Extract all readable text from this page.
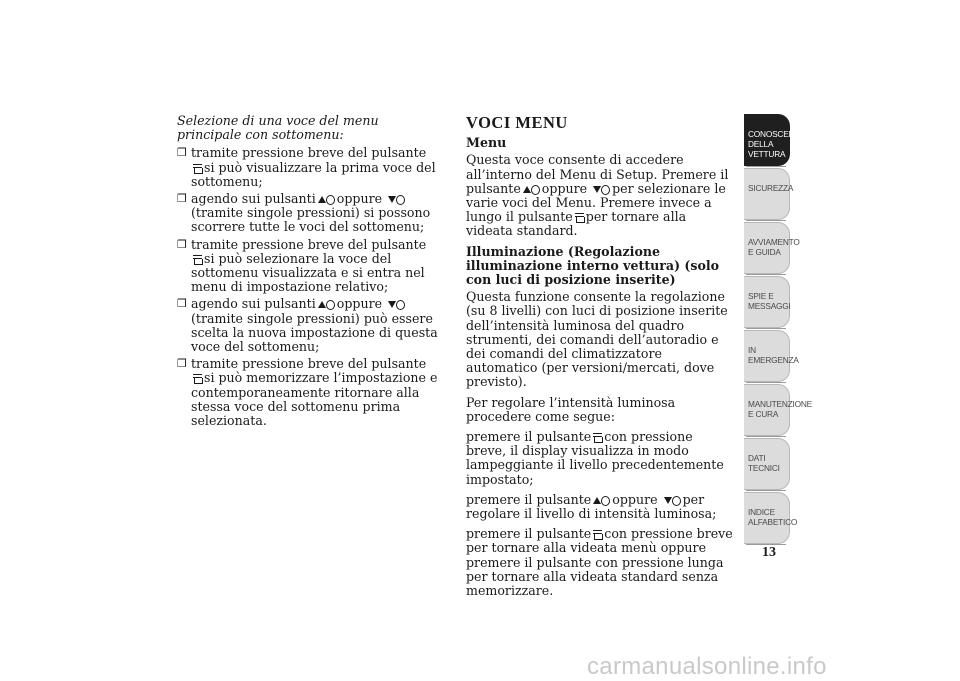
Selezione di una voce del menu principale con sottomenu:
❒ tramite pressione breve del pulsantesi può visualizzare la prima voce del sottomenu;
❒ agendo sui pulsanti oppure (tramite singole pressioni) si possono scorrere tutte le voci del sottomenu;
❒ tramite pressione breve del pulsantesi può selezionare la voce del sottomenu visualizzata e si entra nel menu di impostazione relativo;
❒ agendo sui pulsanti oppure (tramite singole pressioni) può essere scelta la nuova impostazione di questa voce del sottomenu;
❒ tramite pressione breve del pulsantesi può memorizzare l’impostazione e contemporaneamente ritornare alla stessa voce del sottomenu prima selezionata.
VOCI MENU
Menu
Questa voce consente di accedere all’interno del Menu di Setup. Premere il pulsante oppure per selezionare le varie voci del Menu. Premere invece a lungo il pulsante per tornare alla videata standard.
Illuminazione (Regolazione illuminazione interno vettura) (solo con luci di posizione inserite)
Questa funzione consente la regolazione (su 8 livelli) con luci di posizione inserite dell’intensità luminosa del quadro strumenti, dei comandi dell’autoradio e dei comandi del climatizzatore automatico (per versioni/mercati, dove previsto).
Per regolare l’intensità luminosa procedere come segue:
premere il pulsante con pressione breve, il display visualizza in modo lampeggiante il livello precedentemente impostato;
premere il pulsante oppure per regolare il livello di intensità luminosa;
premere il pulsante con pressione breve per tornare alla videata menù oppure premere il pulsante con pressione lunga per tornare alla videata standard senza memorizzare.
CONOSCENZA DELLA VETTURA
SICUREZZA
AVVIAMENTO E GUIDA
SPIE E MESSAGGI
IN EMERGENZA
MANUTENZIONE E CURA
DATI TECNICI
INDICE ALFABETICO
13
carmanualsonline.info
